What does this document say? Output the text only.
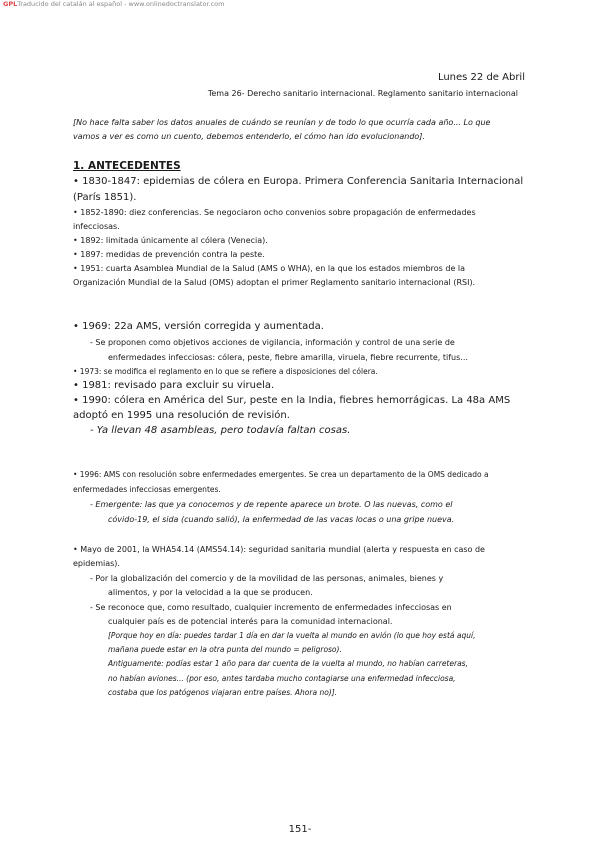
GPLTraducido del catalán al español - www.onlinedoctranslator.com
Lunes 22 de Abril
Tema 26- Derecho sanitario internacional. Reglamento sanitario internacional
[No hace falta saber los datos anuales de cuándo se reunían y de todo lo que ocurría cada año... Lo que
vamos a ver es como un cuento, debemos entenderlo, el cómo han ido evolucionando].
1. ANTECEDENTES
• 1830-1847: epidemias de cólera en Europa. Primera Conferencia Sanitaria Internacional
(París 1851).
• 1852-1890: diez conferencias. Se negociaron ocho convenios sobre propagación de enfermedades
infecciosas.
• 1892: limitada únicamente al cólera (Venecia).
• 1897: medidas de prevención contra la peste.
• 1951: cuarta Asamblea Mundial de la Salud (AMS o WHA), en la que los estados miembros de la
Organización Mundial de la Salud (OMS) adoptan el primer Reglamento sanitario internacional (RSI).
• 1969: 22a AMS, versión corregida y aumentada.
- Se proponen como objetivos acciones de vigilancia, información y control de una serie de
enfermedades infecciosas: cólera, peste, fiebre amarilla, viruela, fiebre recurrente, tifus...
• 1973: se modifica el reglamento en lo que se refiere a disposiciones del cólera.
• 1981: revisado para excluir su viruela.
• 1990: cólera en América del Sur, peste en la India, fiebres hemorrágicas. La 48a AMS
adoptó en 1995 una resolución de revisión.
- Ya llevan 48 asambleas, pero todavía faltan cosas.
• 1996: AMS con resolución sobre enfermedades emergentes. Se crea un departamento de la OMS dedicado a
enfermedades infecciosas emergentes.
- Emergente: las que ya conocemos y de repente aparece un brote. O las nuevas, como el
cóvido-19, el sida (cuando salió), la enfermedad de las vacas locas o una gripe nueva.
• Mayo de 2001, la WHA54.14 (AMS54.14): seguridad sanitaria mundial (alerta y respuesta en caso de
epidemias).
- Por la globalización del comercio y de la movilidad de las personas, animales, bienes y
alimentos, y por la velocidad a la que se producen.
- Se reconoce que, como resultado, cualquier incremento de enfermedades infecciosas en
cualquier país es de potencial interés para la comunidad internacional.
[Porque hoy en día: puedes tardar 1 día en dar la vuelta al mundo en avión (lo que hoy está aquí,
mañana puede estar en la otra punta del mundo = peligroso).
Antiguamente: podías estar 1 año para dar cuenta de la vuelta al mundo, no habían carreteras,
no habían aviones... (por eso, antes tardaba mucho contagiarse una enfermedad infecciosa,
costaba que los patógenos viajaran entre países. Ahora no)].
151-
